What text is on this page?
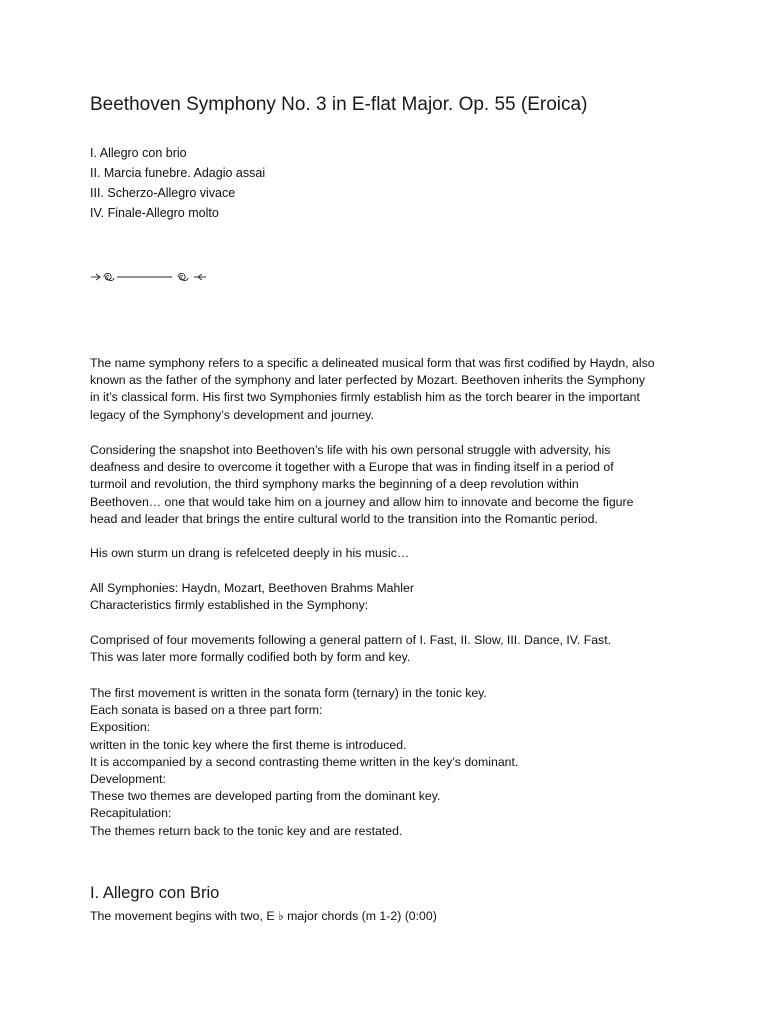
Beethoven Symphony No. 3 in E-flat Major. Op. 55 (Eroica)
I. Allegro con brio
II. Marcia funebre. Adagio assai
III. Scherzo-Allegro vivace
IV. Finale-Allegro molto

The name symphony refers to a specific a delineated musical form that was first codified by Haydn, also
known as the father of the symphony and later perfected by Mozart. Beethoven inherits the Symphony
in it’s classical form. His first two Symphonies firmly establish him as the torch bearer in the important
legacy of the Symphony’s development and journey.

Considering the snapshot into Beethoven’s life with his own personal struggle with adversity, his
deafness and desire to overcome it together with a Europe that was in finding itself in a period of
turmoil and revolution, the third symphony marks the beginning of a deep revolution within
Beethoven… one that would take him on a journey and allow him to innovate and become the figure
head and leader that brings the entire cultural world to the transition into the Romantic period.

His own sturm un drang is refelceted deeply in his music…

All Symphonies: Haydn, Mozart, Beethoven Brahms Mahler
Characteristics firmly established in the Symphony:

Comprised of four movements following a general pattern of I. Fast, II. Slow, III. Dance, IV. Fast.
This was later more formally codified both by form and key.

The first movement is written in the sonata form (ternary) in the tonic key.
Each sonata is based on a three part form:
Exposition:
written in the tonic key where the first theme is introduced.
It is accompanied by a second contrasting theme written in the key’s dominant.
Development:
These two themes are developed parting from the dominant key.
Recapitulation:
The themes return back to the tonic key and are restated.

I. Allegro con Brio

The movement begins with two, E ♭ major chords (m 1-2) (0:00)
